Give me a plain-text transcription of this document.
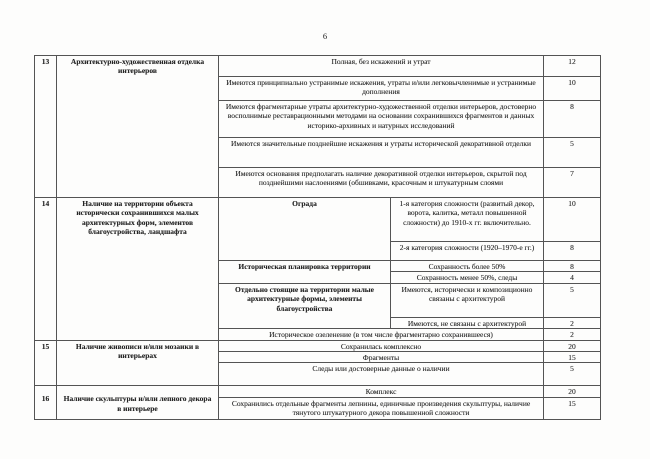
6
13	Архитектурно-художественная отделка интерьеров	Полная, без искажений и утрат		12
		Имеются принципиально устранимые искажения, утраты и/или легковычленимые и устранимые дополнения		10
		Имеются фрагментарные утраты архитектурно-художественной отделки интерьеров, достоверно восполнимые реставрационными методами на основании сохранившихся фрагментов и данных историко-архивных и натурных исследований		8
		Имеются значительные позднейшие искажения и утраты исторической декоративной отделки		5
		Имеются основания предполагать наличие декоративной отделки интерьеров, скрытой под позднейшими наслоениями (обшивками, красочным и штукатурным слоями		7
14	Наличие на территории объекта исторически сохранившихся малых архитектурных форм, элементов благоустройства, ландшафта	Ограда	1-я категория сложности (развитый декор, ворота, калитка, металл повышенной сложности) до 1910-х гг. включительно.	10
			2-я категория сложности (1920–1970-е гг.)	8
		Историческая планировка территории	Сохранность более 50%	8
			Сохранность менее 50%, следы	4
		Отдельно стоящие на территории малые архитектурные формы, элементы благоустройства	Имеются, исторически и композиционно связаны с архитектурой	5
			Имеются, не связаны с архитектурой	2
		Историческое озеленение (в том числе фрагментарно сохранившееся)		2
15	Наличие живописи и/или мозаики в интерьерах	Сохранилась комплексно		20
		Фрагменты		15
		Следы или достоверные данные о наличии		5
16	Наличие скульптуры и/или лепного декора в интерьере	Комплекс		20
		Сохранились отдельные фрагменты лепнины, единичные произведения скульптуры, наличие тянутого штукатурного декора повышенной сложности		15
